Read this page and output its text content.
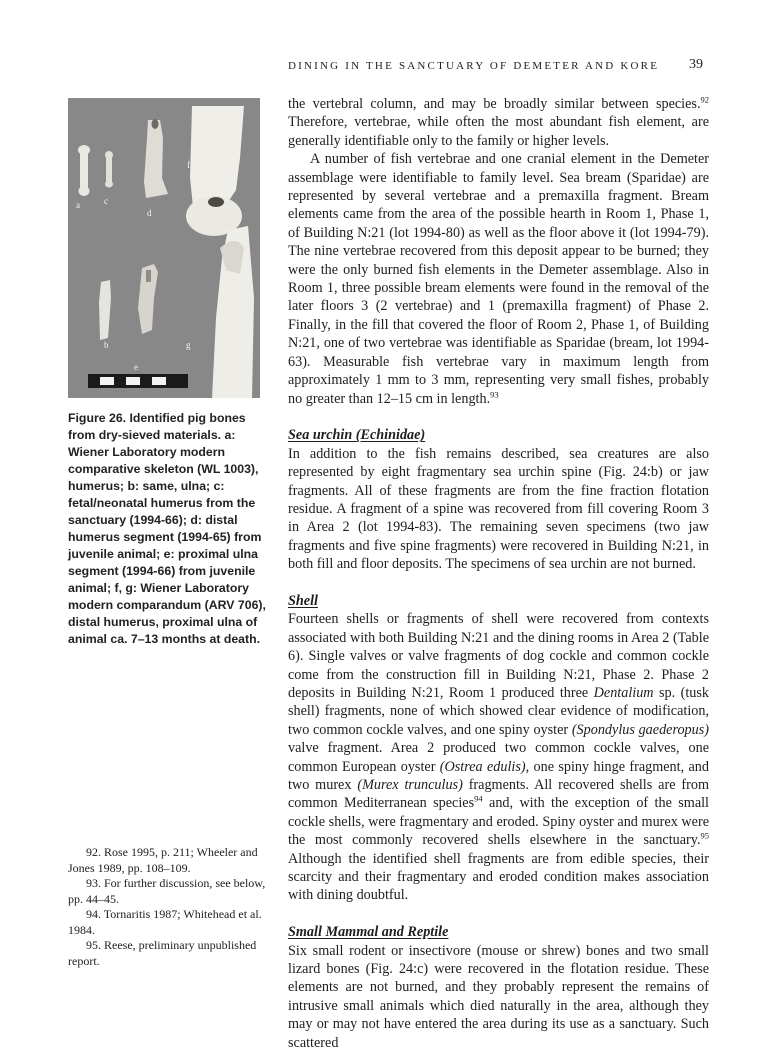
DINING IN THE SANCTUARY OF DEMETER AND KORE	39
a	c
d
f
b	g
e
Figure 26. Identified pig bones from dry-sieved materials. a: Wiener Laboratory modern comparative skeleton (WL 1003), humerus; b: same, ulna; c: fetal/neonatal humerus from the sanctuary (1994-66); d: distal humerus segment (1994-65) from juvenile animal; e: proximal ulna segment (1994-66) from juvenile animal; f, g: Wiener Laboratory modern comparandum (ARV 706), distal humerus, proximal ulna of animal ca. 7–13 months at death.

92. Rose 1995, p. 211; Wheeler and Jones 1989, pp. 108–109.

93. For further discussion, see below, pp. 44–45.

94. Tornaritis 1987; Whitehead et al. 1984.

95. Reese, preliminary unpublished report.

the vertebral column, and may be broadly similar between species.$^{92}$ Therefore, vertebrae, while often the most abundant fish element, are generally identifiable only to the family or higher levels.

A number of fish vertebrae and one cranial element in the Demeter assemblage were identifiable to family level. Sea bream (Sparidae) are represented by several vertebrae and a premaxilla fragment. Bream elements came from the area of the possible hearth in Room 1, Phase 1, of Building N:21 (lot 1994-80) as well as the floor above it (lot 1994-79). The nine vertebrae recovered from this deposit appear to be burned; they were the only burned fish elements in the Demeter assemblage. Also in Room 1, three possible bream elements were found in the removal of the later floors 3 (2 vertebrae) and 1 (premaxilla fragment) of Phase 2. Finally, in the fill that covered the floor of Room 2, Phase 1, of Building N:21, one of two vertebrae was identifiable as Sparidae (bream, lot 1994-63). Measurable fish vertebrae vary in maximum length from approximately 1 mm to 3 mm, representing very small fishes, probably no greater than 12–15 cm in length.$^{93}$

Sea urchin (Echinidae)

In addition to the fish remains described, sea creatures are also represented by eight fragmentary sea urchin spine (Fig. 24:b) or jaw fragments. All of these fragments are from the fine fraction flotation residue. A fragment of a spine was recovered from fill covering Room 3 in Area 2 (lot 1994-83). The remaining seven specimens (two jaw fragments and five spine fragments) were recovered in Building N:21, in both fill and floor deposits. The specimens of sea urchin are not burned.

Shell

Fourteen shells or fragments of shell were recovered from contexts associated with both Building N:21 and the dining rooms in Area 2 (Table 6). Single valves or valve fragments of dog cockle and common cockle come from the construction fill in Building N:21, Phase 2. Phase 2 deposits in Building N:21, Room 1 produced three Dentalium sp. (tusk shell) fragments, none of which showed clear evidence of modification, two common cockle valves, and one spiny oyster (Spondylus gaederopus) valve fragment. Area 2 produced two common cockle valves, one common European oyster (Ostrea edulis), one spiny hinge fragment, and two murex (Murex trunculus) fragments. All recovered shells are from common Mediterranean species$^{94}$ and, with the exception of the small cockle shells, were fragmentary and eroded. Spiny oyster and murex were the most commonly recovered shells elsewhere in the sanctuary.$^{95}$ Although the identified shell fragments are from edible species, their scarcity and their fragmentary and eroded condition makes association with dining doubtful.

Small Mammal and Reptile

Six small rodent or insectivore (mouse or shrew) bones and two small lizard bones (Fig. 24:c) were recovered in the flotation residue. These elements are not burned, and they probably represent the remains of intrusive small animals which died naturally in the area, although they may or may not have entered the area during its use as a sanctuary. Such scattered
